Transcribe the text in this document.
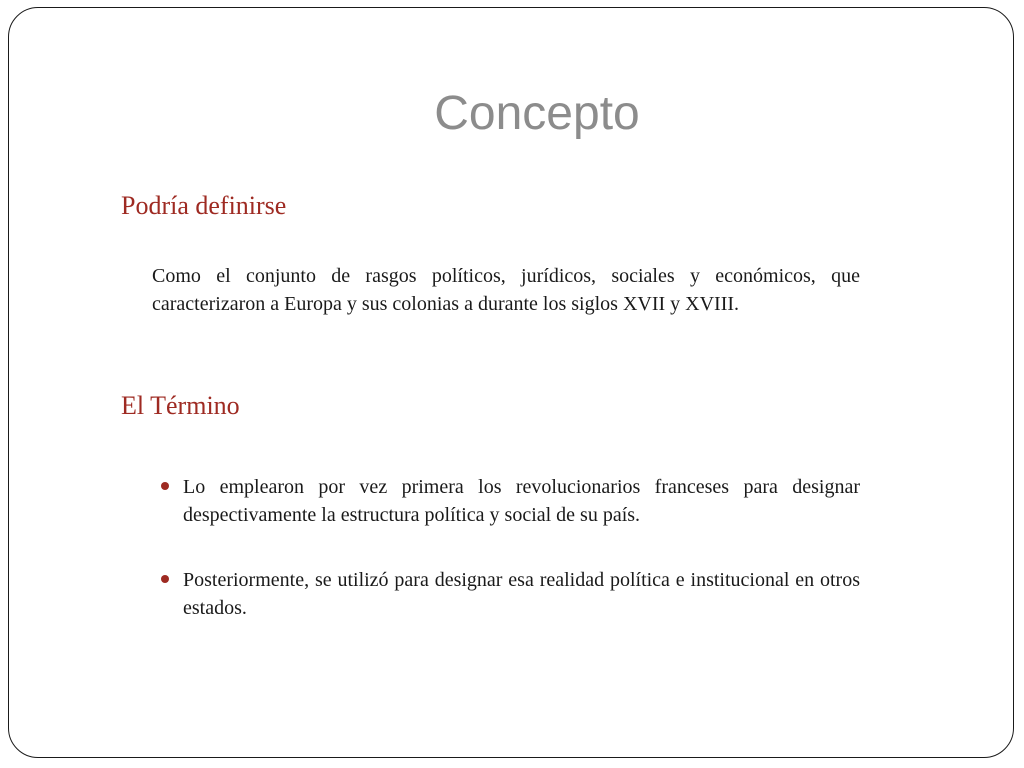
Concepto
Podría definirse

Como el conjunto de rasgos políticos, jurídicos, sociales y económicos, que caracterizaron a Europa y sus colonias a durante los siglos XVII y XVIII.

El Término

Lo emplearon por vez primera los revolucionarios franceses para designar despectivamente la estructura política y social de su país.

Posteriormente, se utilizó para designar esa realidad política e institucional en otros estados.
